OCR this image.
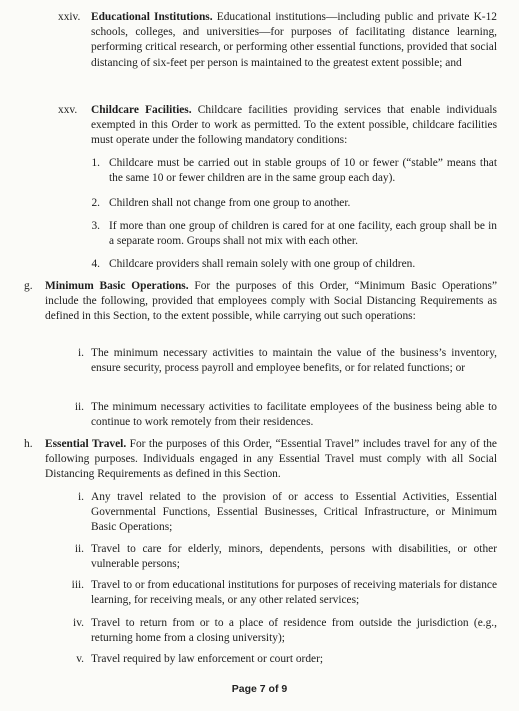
xxiv. Educational Institutions. Educational institutions—including public and private K-12 schools, colleges, and universities—for purposes of facilitating distance learning, performing critical research, or performing other essential functions, provided that social distancing of six-feet per person is maintained to the greatest extent possible; and
xxv.	Childcare Facilities. Childcare facilities providing services that enable individuals exempted in this Order to work as permitted. To the extent possible, childcare facilities must operate under the following mandatory conditions:
1. Childcare must be carried out in stable groups of 10 or fewer (“stable” means that the same 10 or fewer children are in the same group each day).
2. Children shall not change from one group to another.
3. If more than one group of children is cared for at one facility, each group shall be in a separate room. Groups shall not mix with each other.
4. Childcare providers shall remain solely with one group of children.
g.	Minimum Basic Operations. For the purposes of this Order, “Minimum Basic Operations” include the following, provided that employees comply with Social Distancing Requirements as defined in this Section, to the extent possible, while carrying out such operations:
i. The minimum necessary activities to maintain the value of the business’s inventory, ensure security, process payroll and employee benefits, or for related functions; or
ii. The minimum necessary activities to facilitate employees of the business being able to continue to work remotely from their residences.
h.	Essential Travel. For the purposes of this Order, “Essential Travel” includes travel for any of the following purposes. Individuals engaged in any Essential Travel must comply with all Social Distancing Requirements as defined in this Section.
i. Any travel related to the provision of or access to Essential Activities, Essential Governmental Functions, Essential Businesses, Critical Infrastructure, or Minimum Basic Operations;
ii. Travel to care for elderly, minors, dependents, persons with disabilities, or other vulnerable persons;
iii. Travel to or from educational institutions for purposes of receiving materials for distance learning, for receiving meals, or any other related services;
iv. Travel to return from or to a place of residence from outside the jurisdiction (e.g., returning home from a closing university);
v. Travel required by law enforcement or court order;
Page 7 of 9
